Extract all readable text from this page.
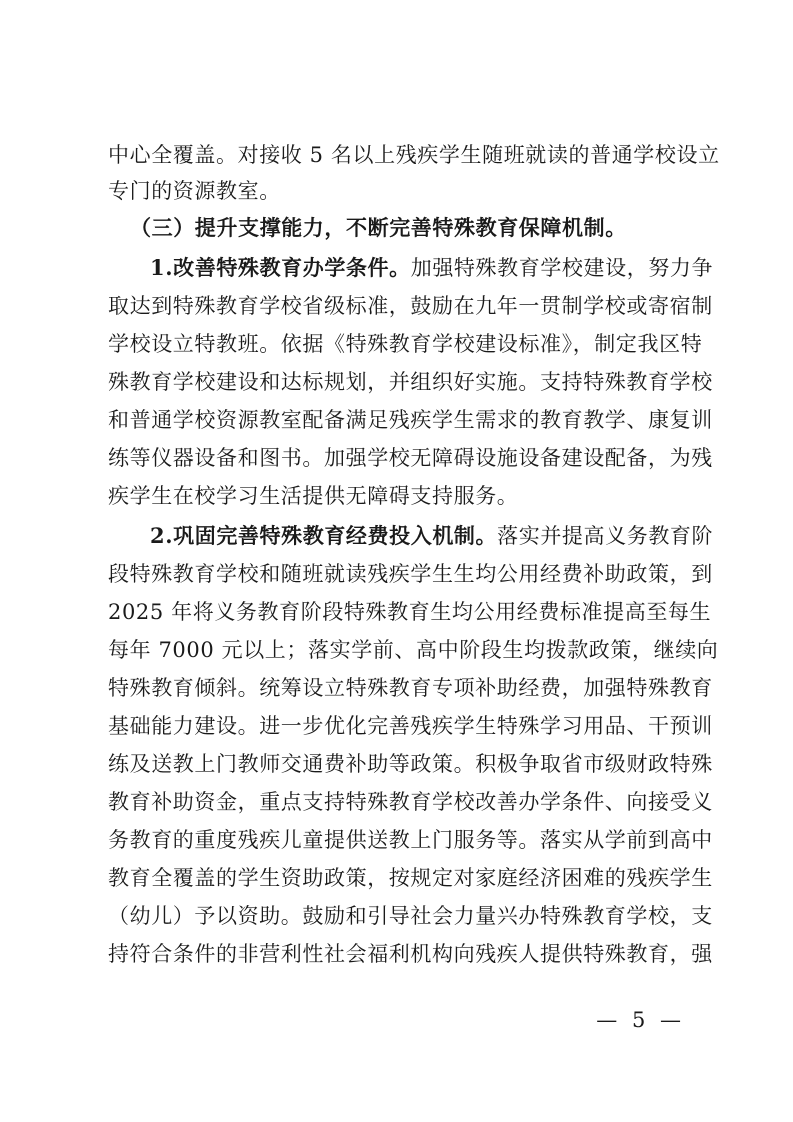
中心全覆盖。对接收 5 名以上残疾学生随班就读的普通学校设立
专门的资源教室。
（三）提升支撑能力，不断完善特殊教育保障机制。
1.改善特殊教育办学条件。加强特殊教育学校建设，努力争
取达到特殊教育学校省级标准，鼓励在九年一贯制学校或寄宿制
学校设立特教班。依据《特殊教育学校建设标准》，制定我区特
殊教育学校建设和达标规划，并组织好实施。支持特殊教育学校
和普通学校资源教室配备满足残疾学生需求的教育教学、康复训
练等仪器设备和图书。加强学校无障碍设施设备建设配备，为残
疾学生在校学习生活提供无障碍支持服务。
2.巩固完善特殊教育经费投入机制。落实并提高义务教育阶
段特殊教育学校和随班就读残疾学生生均公用经费补助政策，到
2025 年将义务教育阶段特殊教育生均公用经费标准提高至每生
每年 7000 元以上；落实学前、高中阶段生均拨款政策，继续向
特殊教育倾斜。统筹设立特殊教育专项补助经费，加强特殊教育
基础能力建设。进一步优化完善残疾学生特殊学习用品、干预训
练及送教上门教师交通费补助等政策。积极争取省市级财政特殊
教育补助资金，重点支持特殊教育学校改善办学条件、向接受义
务教育的重度残疾儿童提供送教上门服务等。落实从学前到高中
教育全覆盖的学生资助政策，按规定对家庭经济困难的残疾学生
（幼儿）予以资助。鼓励和引导社会力量兴办特殊教育学校，支
持符合条件的非营利性社会福利机构向残疾人提供特殊教育，强
— 5 —
